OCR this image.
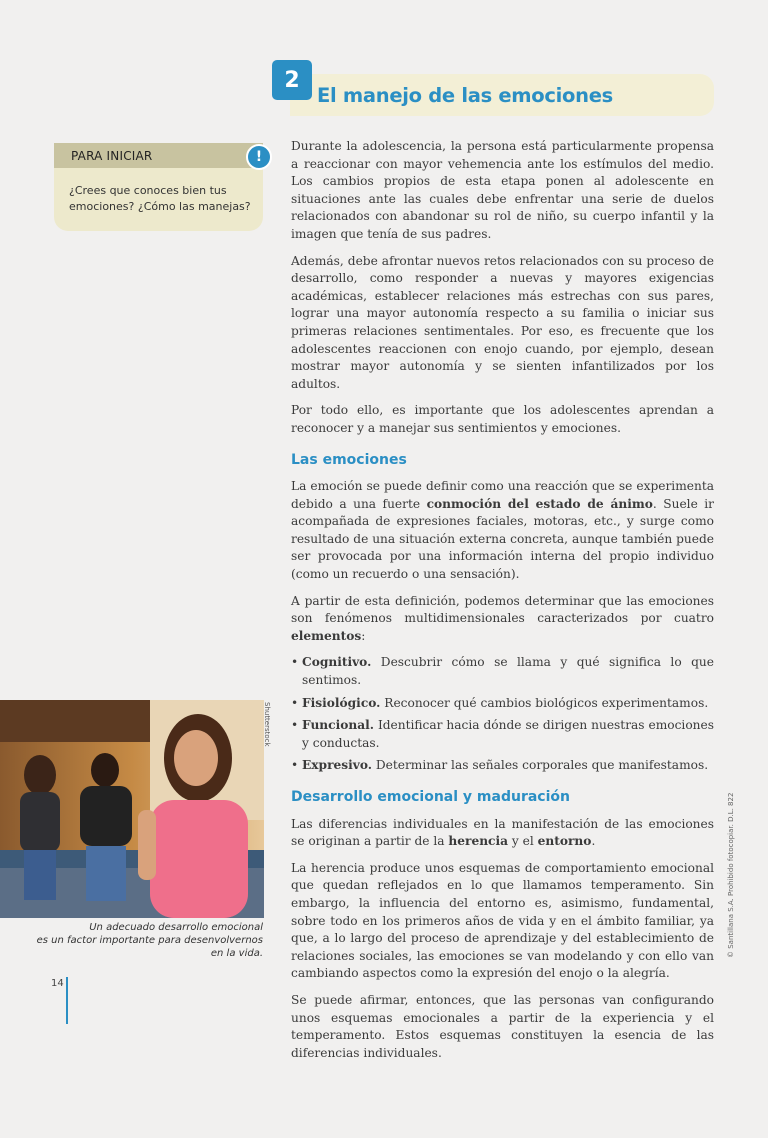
2
El manejo de las emociones
PARA INICIAR	!
¿Crees que conoces bien tus emociones? ¿Cómo las manejas?

Durante la adolescencia, la persona está particularmente propensa a reaccionar con mayor vehemencia ante los estímulos del medio. Los cambios propios de esta etapa ponen al adolescente en situaciones ante las cuales debe enfrentar una serie de duelos relacionados con abandonar su rol de niño, su cuerpo infantil y la imagen que tenía de sus padres.

Además, debe afrontar nuevos retos relacionados con su proceso de desarrollo, como responder a nuevas y mayores exigencias académicas, establecer relaciones más estrechas con sus pares, lograr una mayor autonomía respecto a su familia o iniciar sus primeras relaciones sentimentales. Por eso, es frecuente que los adolescentes reaccionen con enojo cuando, por ejemplo, desean mostrar mayor autonomía y se sienten infantilizados por los adultos.

Por todo ello, es importante que los adolescentes aprendan a reconocer y a manejar sus sentimientos y emociones.

Las emociones

La emoción se puede definir como una reacción que se experimenta debido a una fuerte conmoción del estado de ánimo. Suele ir acompañada de expresiones faciales, motoras, etc., y surge como resultado de una situación externa concreta, aunque también puede ser provocada por una información interna del propio individuo (como un recuerdo o una sensación).

A partir de esta definición, podemos determinar que las emociones son fenómenos multidimensionales caracterizados por cuatro elementos:

• Cognitivo. Descubrir cómo se llama y qué significa lo que sentimos.
• Fisiológico. Reconocer qué cambios biológicos experimentamos.
• Funcional. Identificar hacia dónde se dirigen nuestras emociones y conductas.
• Expresivo. Determinar las señales corporales que manifestamos.
Desarrollo emocional y maduración

Las diferencias individuales en la manifestación de las emociones se originan a partir de la herencia y el entorno.

La herencia produce unos esquemas de comportamiento emocional que quedan reflejados en lo que llamamos temperamento. Sin embargo, la influencia del entorno es, asimismo, fundamental, sobre todo en los primeros años de vida y en el ámbito familiar, ya que, a lo largo del proceso de aprendizaje y del establecimiento de relaciones sociales, las emociones se van modelando y con ello van cambiando aspectos como la expresión del enojo o la alegría.

Se puede afirmar, entonces, que las personas van configurando unos esquemas emocionales a partir de la experiencia y el temperamento. Estos esquemas constituyen la esencia de las diferencias individuales.

Shutterstock
Un adecuado desarrollo emocional
es un factor importante para desenvolvernos
en la vida.	© Santillana S.A. Prohibido fotocopiar. D.L. 822
14
